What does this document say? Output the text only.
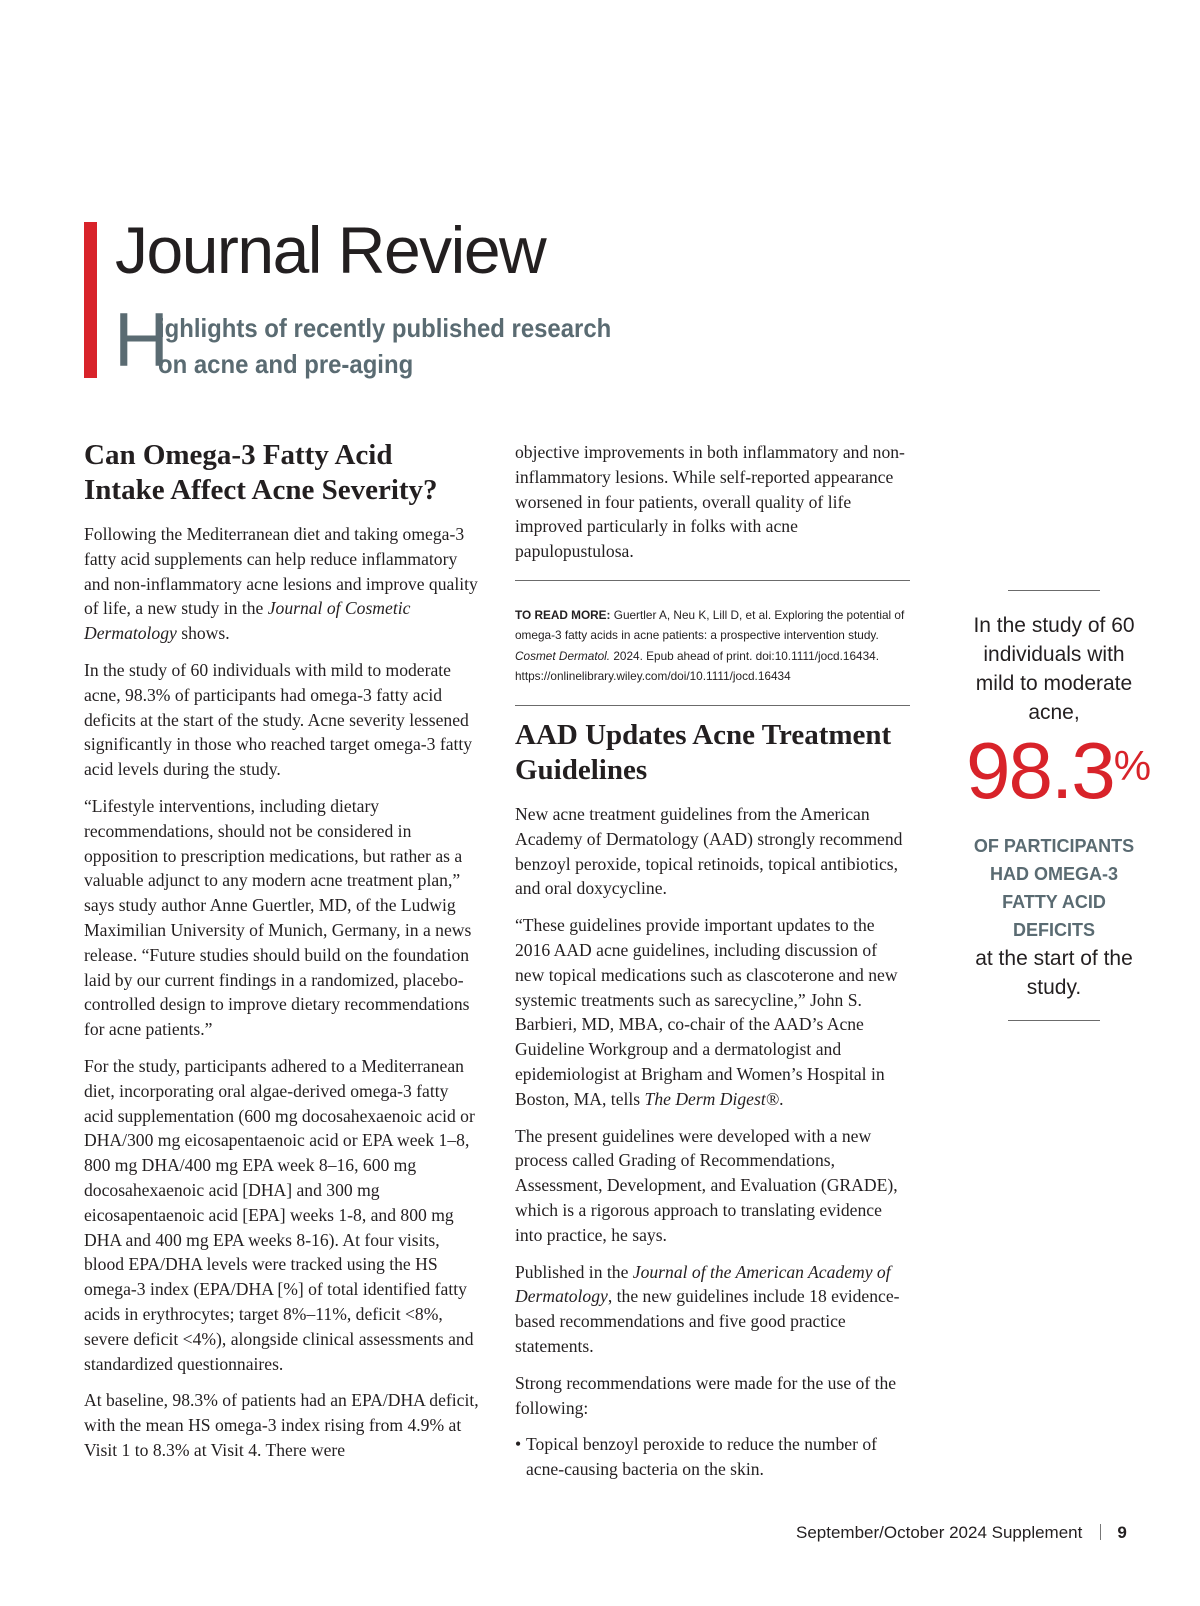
Journal Review
H
ighlights of recently published research
on acne and pre-aging
Can Omega-3 Fatty Acid Intake Affect Acne Severity?

Following the Mediterranean diet and taking omega-3 fatty acid supplements can help reduce inflammatory and non-inflammatory acne lesions and improve quality of life, a new study in the Journal of Cosmetic Dermatology shows.

In the study of 60 individuals with mild to moderate acne, 98.3% of participants had omega-3 fatty acid deficits at the start of the study. Acne severity lessened significantly in those who reached target omega-3 fatty acid levels during the study.

“Lifestyle interventions, including dietary recommendations, should not be considered in opposition to prescription medications, but rather as a valuable adjunct to any modern acne treatment plan,” says study author Anne Guertler, MD, of the Ludwig Maximilian University of Munich, Germany, in a news release. “Future studies should build on the foundation laid by our current findings in a randomized, placebo-controlled design to improve dietary recommendations for acne patients.”

For the study, participants adhered to a Mediterranean diet, incorporating oral algae-derived omega-3 fatty acid supplementation (600 mg docosahexaenoic acid or DHA/300 mg eicosapentaenoic acid or EPA week 1–8, 800 mg DHA/400 mg EPA week 8–16, 600 mg docosahexaenoic acid [DHA] and 300 mg eicosapentaenoic acid [EPA] weeks 1-8, and 800 mg DHA and 400 mg EPA weeks 8-16). At four visits, blood EPA/DHA levels were tracked using the HS omega-3 index (EPA/DHA [%] of total identified fatty acids in erythrocytes; target 8%–11%, deficit <8%, severe deficit <4%), alongside clinical assessments and standardized questionnaires.

At baseline, 98.3% of patients had an EPA/DHA deficit, with the mean HS omega-3 index rising from 4.9% at Visit 1 to 8.3% at Visit 4. There were

objective improvements in both inflammatory and non-inflammatory lesions. While self-reported appearance worsened in four patients, overall quality of life improved particularly in folks with acne papulopustulosa.

TO READ MORE: Guertler A, Neu K, Lill D, et al. Exploring the potential of omega-3 fatty acids in acne patients: a prospective intervention study. Cosmet Dermatol. 2024. Epub ahead of print. doi:10.1111/jocd.16434. https://onlinelibrary.wiley.com/doi/10.1111/jocd.16434

AAD Updates Acne Treatment Guidelines

New acne treatment guidelines from the American Academy of Dermatology (AAD) strongly recommend benzoyl peroxide, topical retinoids, topical antibiotics, and oral doxycycline.

“These guidelines provide important updates to the 2016 AAD acne guidelines, including discussion of new topical medications such as clascoterone and new systemic treatments such as sarecycline,” John S. Barbieri, MD, MBA, co-chair of the AAD’s Acne Guideline Workgroup and a dermatologist and epidemiologist at Brigham and Women’s Hospital in Boston, MA, tells The Derm Digest®.

The present guidelines were developed with a new process called Grading of Recommendations, Assessment, Development, and Evaluation (GRADE), which is a rigorous approach to translating evidence into practice, he says.

Published in the Journal of the American Academy of Dermatology, the new guidelines include 18 evidence-based recommendations and five good practice statements.

Strong recommendations were made for the use of the following:

• Topical benzoyl peroxide to reduce the number of acne-causing bacteria on the skin.
In the study of 60 individuals with mild to moderate acne,
98.3%
OF PARTICIPANTS HAD OMEGA-3 FATTY ACID DEFICITS
at the start of the study.
September/October 2024 Supplement 9
